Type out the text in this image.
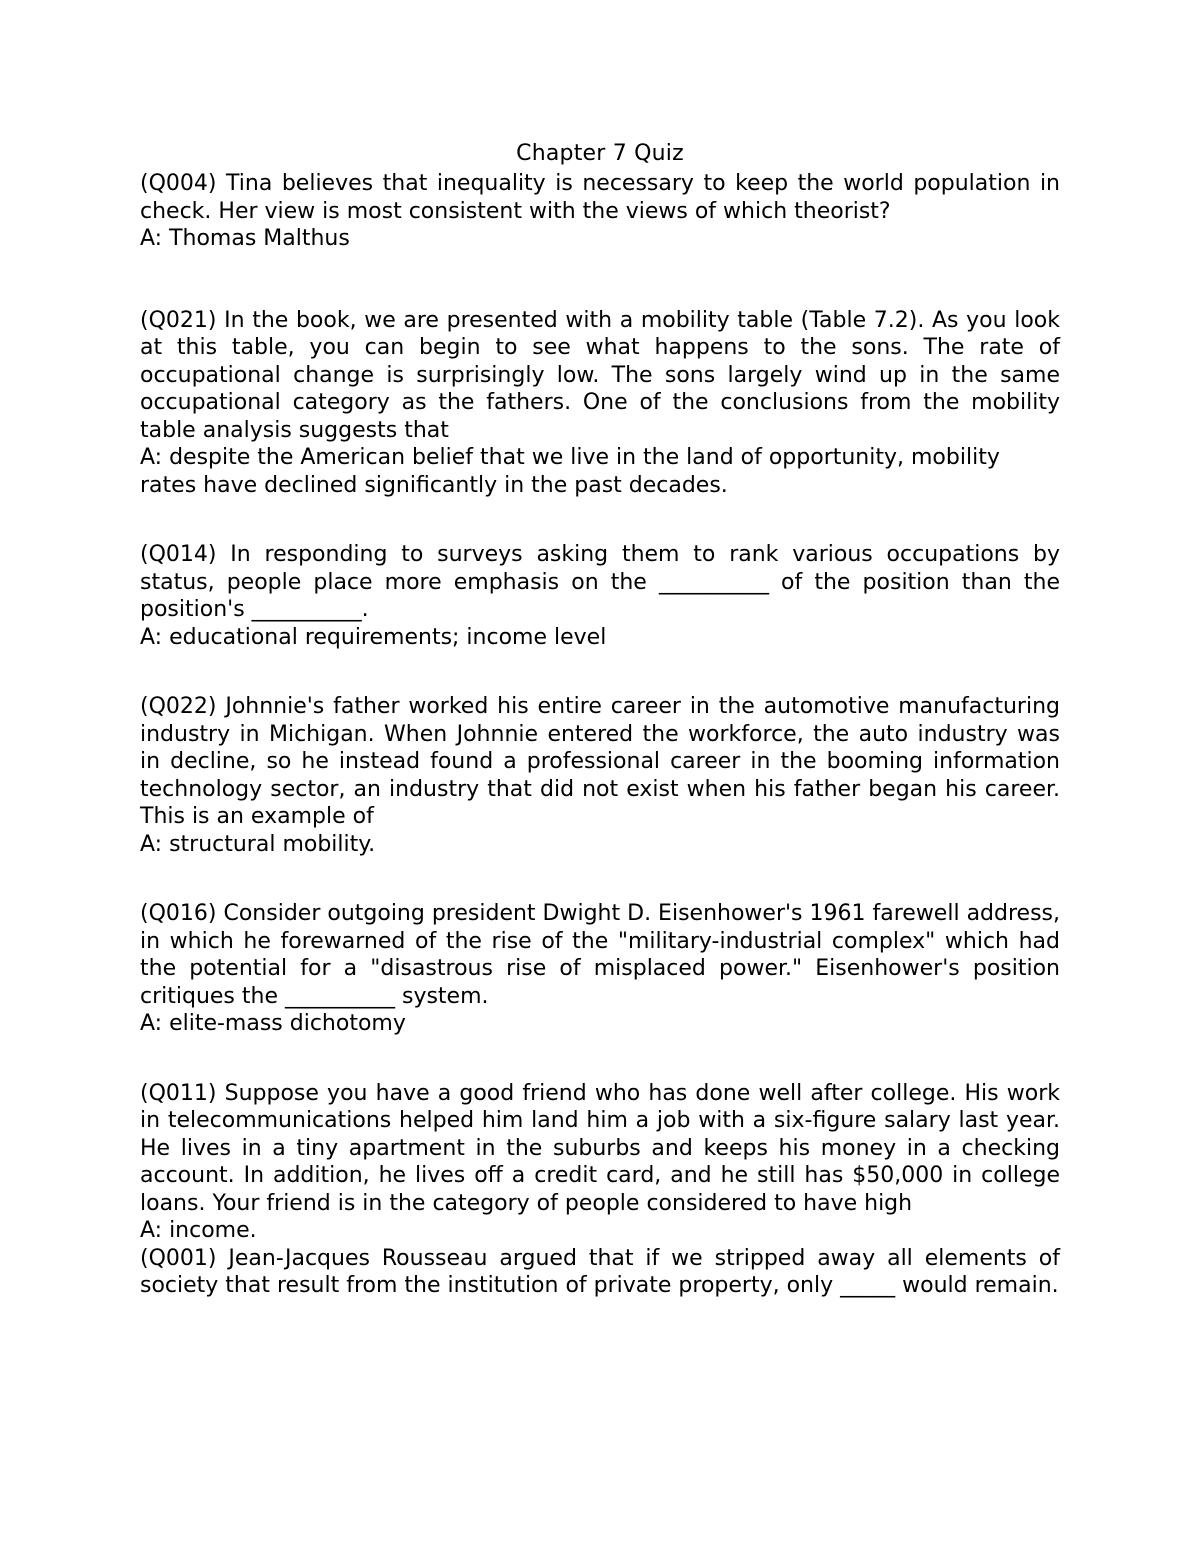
Chapter 7 Quiz

(Q004) Tina believes that inequality is necessary to keep the world population in check. Her view is most consistent with the views of which theorist?

A: Thomas Malthus

(Q021) In the book, we are presented with a mobility table (Table 7.2). As you look at this table, you can begin to see what happens to the sons. The rate of occupational change is surprisingly low. The sons largely wind up in the same occupational category as the fathers. One of the conclusions from the mobility table analysis suggests that

A: despite the American belief that we live in the land of opportunity, mobility rates have declined significantly in the past decades.

(Q014) In responding to surveys asking them to rank various occupations by status, people place more emphasis on the __________ of the position than the position's __________.

A: educational requirements; income level

(Q022) Johnnie's father worked his entire career in the automotive manufacturing industry in Michigan. When Johnnie entered the workforce, the auto industry was in decline, so he instead found a professional career in the booming information technology sector, an industry that did not exist when his father began his career. This is an example of

A: structural mobility.

(Q016) Consider outgoing president Dwight D. Eisenhower's 1961 farewell address, in which he forewarned of the rise of the "military-industrial complex" which had the potential for a "disastrous rise of misplaced power." Eisenhower's position critiques the __________ system.

A: elite-mass dichotomy

(Q011) Suppose you have a good friend who has done well after college. His work in telecommunications helped him land him a job with a six-figure salary last year. He lives in a tiny apartment in the suburbs and keeps his money in a checking account. In addition, he lives off a credit card, and he still has $50,000 in college loans. Your friend is in the category of people considered to have high

A: income.

(Q001) Jean-Jacques Rousseau argued that if we stripped away all elements of society that result from the institution of private property, only _____ would remain.
